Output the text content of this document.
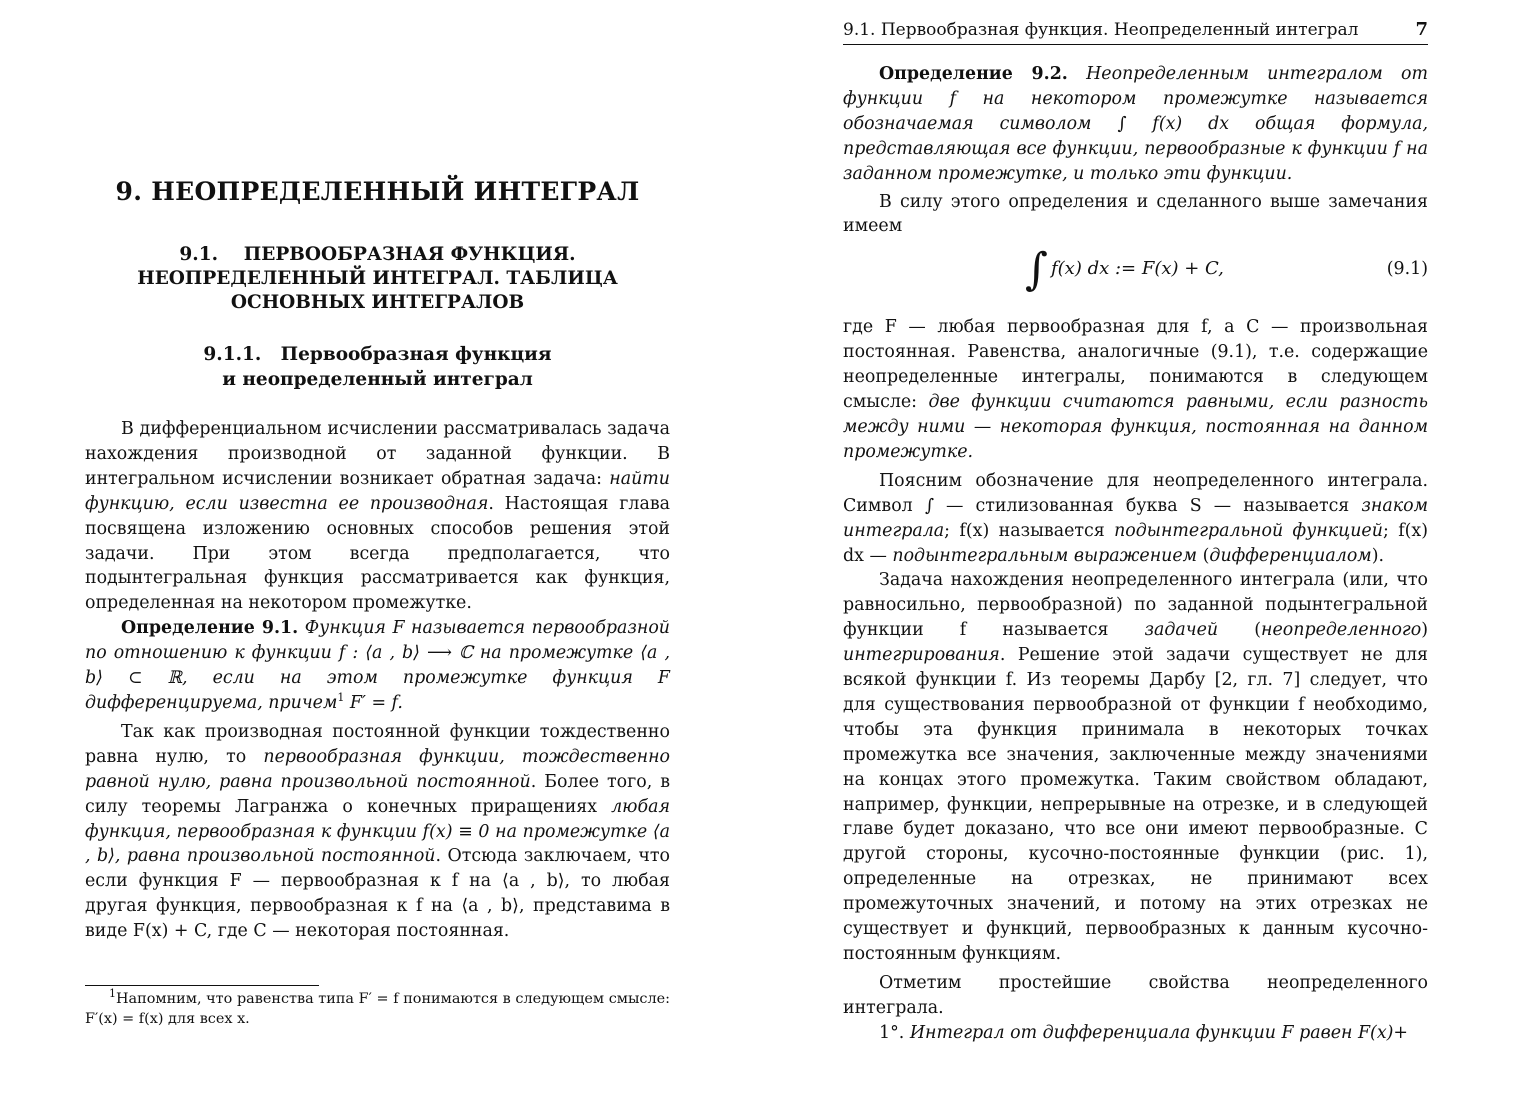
9. НЕОПРЕДЕЛЕННЫЙ ИНТЕГРАЛ
9.1.    ПЕРВООБРАЗНАЯ ФУНКЦИЯ.
НЕОПРЕДЕЛЕННЫЙ ИНТЕГРАЛ. ТАБЛИЦА
ОСНОВНЫХ ИНТЕГРАЛОВ
9.1.1.   Первообразная функция
и неопределенный интеграл

В дифференциальном исчислении рассматривалась задача нахождения производной от заданной функции. В интегральном исчислении возникает обратная задача: найти функцию, если известна ее производная. Настоящая глава посвящена изложению основных способов решения этой задачи. При этом всегда предполагается, что подынтегральная функция рассматривается как функция, определенная на некотором промежутке.

Определение 9.1. Функция F называется первообразной по отношению к функции f : ⟨a , b⟩ ⟶ ℂ на промежутке ⟨a , b⟩ ⊂ ℝ, если на этом промежутке функция F дифференцируема, причем$^1$ F′ = f.

Так как производная постоянной функции тождественно равна нулю, то первообразная функции, тождественно равной нулю, равна произвольной постоянной. Более того, в силу теоремы Лагранжа о конечных приращениях любая функция, первообразная к функции f(x) ≡ 0 на промежутке ⟨a , b⟩, равна произвольной постоянной. Отсюда заключаем, что если функция F — первообразная к f на ⟨a , b⟩, то любая другая функция, первообразная к f на ⟨a , b⟩, представима в виде F(x) + C, где C — некоторая постоянная.

$^1$Напомним, что равенства типа F′ = f понимаются в следующем смысле: F′(x) = f(x) для всех x.

9.1. Первообразная функция. Неопределенный интеграл	7

Определение 9.2. Неопределенным интегралом от функции f на некотором промежутке называется обозначаемая символом ∫ f(x) dx общая формула, представляющая все функции, первообразные к функции f на заданном промежутке, и только эти функции.

В силу этого определения и сделанного выше замечания имеем

∫ f(x) dx := F(x) + C,	(9.1)

где F — любая первообразная для f, а C — произвольная постоянная. Равенства, аналогичные (9.1), т.е. содержащие неопределенные интегралы, понимаются в следующем смысле: две функции считаются равными, если разность между ними — некоторая функция, постоянная на данном промежутке.

Поясним обозначение для неопределенного интеграла. Символ ∫ — стилизованная буква S — называется знаком интеграла; f(x) называется подынтегральной функцией; f(x) dx — подынтегральным выражением (дифференциалом).

Задача нахождения неопределенного интеграла (или, что равносильно, первообразной) по заданной подынтегральной функции f называется задачей (неопределенного) интегрирования. Решение этой задачи существует не для всякой функции f. Из теоремы Дарбу [2, гл. 7] следует, что для существования первообразной от функции f необходимо, чтобы эта функция принимала в некоторых точках промежутка все значения, заключенные между значениями на концах этого промежутка. Таким свойством обладают, например, функции, непрерывные на отрезке, и в следующей главе будет доказано, что все они имеют первообразные. С другой стороны, кусочно-постоянные функции (рис. 1), определенные на отрезках, не принимают всех промежуточных значений, и потому на этих отрезках не существует и функций, первообразных к данным кусочно-постоянным функциям.

Отметим простейшие свойства неопределенного интеграла.

1°. Интеграл от дифференциала функции F равен F(x)+
